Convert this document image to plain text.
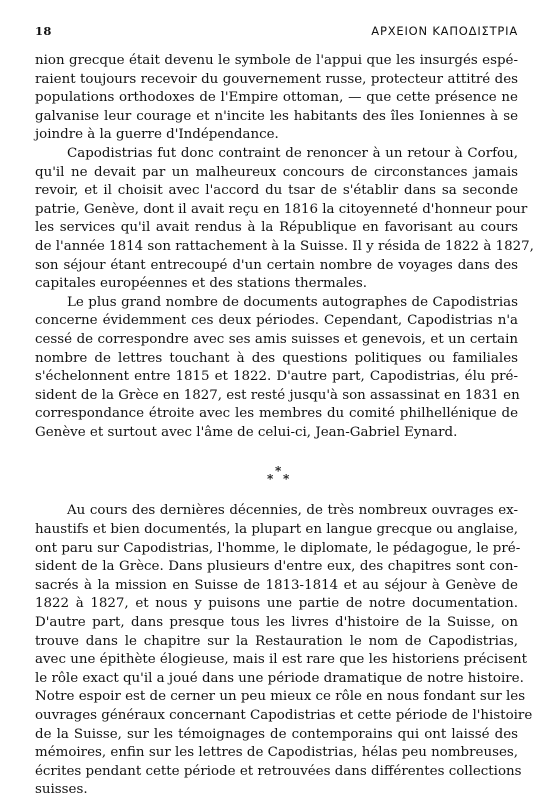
18	ΑΡΧΕΙΟΝ ΚΑΠΟΔΙΣΤΡΙΑ
nion grecque était devenu le symbole de l'appui que les insurgés espé-
raient toujours recevoir du gouvernement russe, protecteur attitré des
populations orthodoxes de l'Empire ottoman, — que cette présence ne
galvanise leur courage et n'incite les habitants des îles Ioniennes à se
joindre à la guerre d'Indépendance.
Capodistrias fut donc contraint de renoncer à un retour à Corfou,
qu'il ne devait par un malheureux concours de circonstances jamais
revoir, et il choisit avec l'accord du tsar de s'établir dans sa seconde
patrie, Genève, dont il avait reçu en 1816 la citoyenneté d'honneur pour
les services qu'il avait rendus à la République en favorisant au cours
de l'année 1814 son rattachement à la Suisse. Il y résida de 1822 à 1827,
son séjour étant entrecoupé d'un certain nombre de voyages dans des
capitales européennes et des stations thermales.
Le plus grand nombre de documents autographes de Capodistrias
concerne évidemment ces deux périodes. Cependant, Capodistrias n'a
cessé de correspondre avec ses amis suisses et genevois, et un certain
nombre de lettres touchant à des questions politiques ou familiales
s'échelonnent entre 1815 et 1822. D'autre part, Capodistrias, élu pré-
sident de la Grèce en 1827, est resté jusqu'à son assassinat en 1831 en
correspondance étroite avec les membres du comité philhellénique de
Genève et surtout avec l'âme de celui-ci, Jean-Gabriel Eynard.
*
*
*
Au cours des dernières décennies, de très nombreux ouvrages ex-
haustifs et bien documentés, la plupart en langue grecque ou anglaise,
ont paru sur Capodistrias, l'homme, le diplomate, le pédagogue, le pré-
sident de la Grèce. Dans plusieurs d'entre eux, des chapitres sont con-
sacrés à la mission en Suisse de 1813-1814 et au séjour à Genève de
1822 à 1827, et nous y puisons une partie de notre documentation.
D'autre part, dans presque tous les livres d'histoire de la Suisse, on
trouve dans le chapitre sur la Restauration le nom de Capodistrias,
avec une épithète élogieuse, mais il est rare que les historiens précisent
le rôle exact qu'il a joué dans une période dramatique de notre histoire.
Notre espoir est de cerner un peu mieux ce rôle en nous fondant sur les
ouvrages généraux concernant Capodistrias et cette période de l'histoire
de la Suisse, sur les témoignages de contemporains qui ont laissé des
mémoires, enfin sur les lettres de Capodistrias, hélas peu nombreuses,
écrites pendant cette période et retrouvées dans différentes collections
suisses.
